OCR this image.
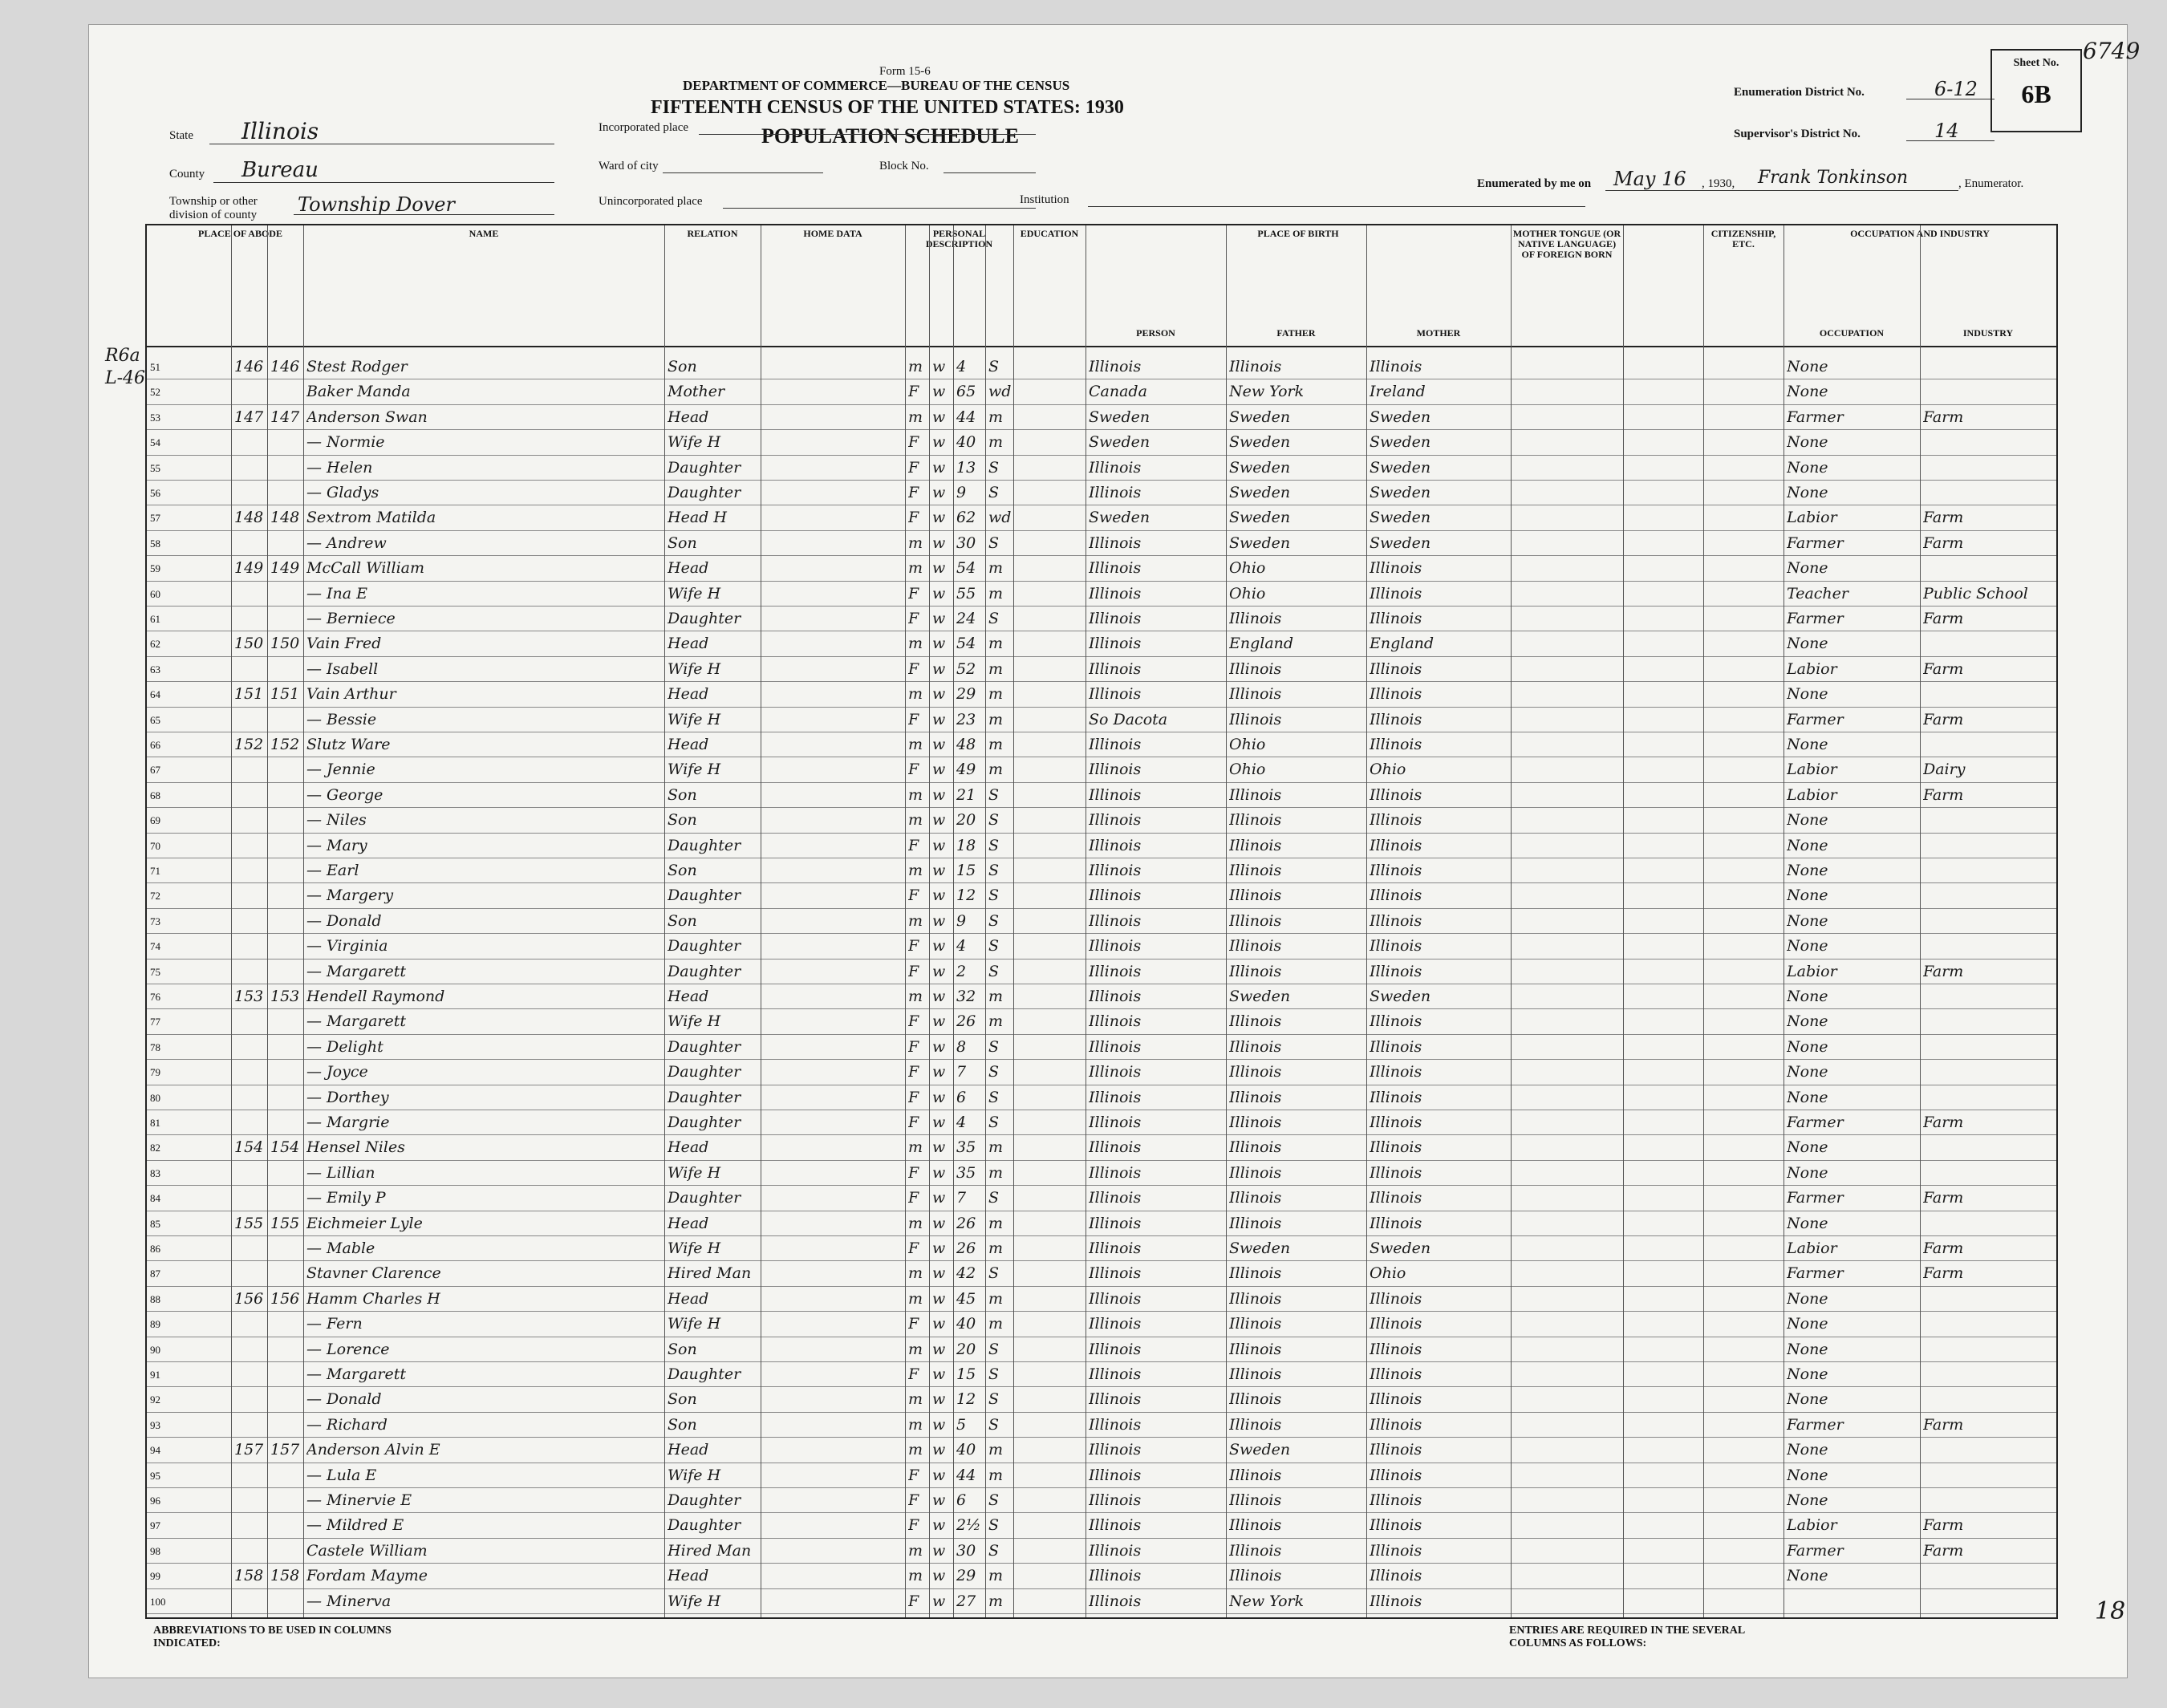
Form 15-6
DEPARTMENT OF COMMERCE—BUREAU OF THE CENSUS
FIFTEENTH CENSUS OF THE UNITED STATES: 1930
POPULATION SCHEDULE
State Illinois
County Bureau
Township or other division of county	Township Dover
Incorporated place
Ward of city	Block No.
Unincorporated place	Institution
Enumeration District No.	6-12
Supervisor's District No.	14
Enumerated by me on May 16 , 1930, Frank Tonkinson	, Enumerator.
Sheet No.
6B
6749
R6a
L-46
18
PLACE OF ABODE	NAME	RELATION	HOME DATA	PERSONAL DESCRIPTION
EDUCATION	PLACE OF BIRTH	MOTHER TONGUE (OR NATIVE LANGUAGE) OF FOREIGN BORN
CITIZENSHIP, ETC.
OCCUPATION AND INDUSTRY
PERSON	FATHER	MOTHER	OCCUPATION	INDUSTRY
51	146 146 Stest Rodger	Son	m w 4	S	Illinois	Illinois	Illinois	None
52	Baker Manda	Mother	F w 65 wd	Canada	New York	Ireland	None
53	147 147 Anderson Swan	Head	m w 44 m	Sweden	Sweden	Sweden	Farmer	Farm
54	— Normie	Wife H	F w 40 m	Sweden	Sweden	Sweden	None
55	— Helen	Daughter	F w 13 S	Illinois	Sweden	Sweden	None
56	— Gladys	Daughter	F w 9	S	Illinois	Sweden	Sweden	None
57	148 148 Sextrom Matilda	Head H	F w 62 wd	Sweden	Sweden	Sweden	Labior	Farm
58	— Andrew	Son	m w 30 S	Illinois	Sweden	Sweden	Farmer	Farm
59	149 149 McCall William	Head	m w 54 m	Illinois	Ohio	Illinois	None
60	— Ina E	Wife H	F w 55 m	Illinois	Ohio	Illinois	Teacher	Public School
61	— Berniece	Daughter	F w 24 S	Illinois	Illinois	Illinois	Farmer	Farm
62	150 150 Vain Fred	Head	m w 54 m	Illinois	England	England	None
63	— Isabell	Wife H	F w 52 m	Illinois	Illinois	Illinois	Labior	Farm
64	151 151 Vain Arthur	Head	m w 29 m	Illinois	Illinois	Illinois	None
65	— Bessie	Wife H	F w 23 m	So Dacota	Illinois	Illinois	Farmer	Farm
66	152 152 Slutz Ware	Head	m w 48 m	Illinois	Ohio	Illinois	None
67	— Jennie	Wife H	F w 49 m	Illinois	Ohio	Ohio	Labior	Dairy
68	— George	Son	m w 21 S	Illinois	Illinois	Illinois	Labior	Farm
69	— Niles	Son	m w 20 S	Illinois	Illinois	Illinois	None
70	— Mary	Daughter	F w 18 S	Illinois	Illinois	Illinois	None
71	— Earl	Son	m w 15 S	Illinois	Illinois	Illinois	None
72	— Margery	Daughter	F w 12 S	Illinois	Illinois	Illinois	None
73	— Donald	Son	m w 9	S	Illinois	Illinois	Illinois	None
74	— Virginia	Daughter	F w 4	S	Illinois	Illinois	Illinois	None
75	— Margarett	Daughter	F w 2	S	Illinois	Illinois	Illinois	Labior	Farm
76	153 153 Hendell Raymond	Head	m w 32 m	Illinois	Sweden	Sweden	None
77	— Margarett	Wife H	F w 26 m	Illinois	Illinois	Illinois	None
78	— Delight	Daughter	F w 8	S	Illinois	Illinois	Illinois	None
79	— Joyce	Daughter	F w 7	S	Illinois	Illinois	Illinois	None
80	— Dorthey	Daughter	F w 6	S	Illinois	Illinois	Illinois	None
81	— Margrie	Daughter	F w 4	S	Illinois	Illinois	Illinois	Farmer	Farm
82	154 154 Hensel Niles	Head	m w 35 m	Illinois	Illinois	Illinois	None
83	— Lillian	Wife H	F w 35 m	Illinois	Illinois	Illinois	None
84	— Emily P	Daughter	F w 7	S	Illinois	Illinois	Illinois	Farmer	Farm
85	155 155 Eichmeier Lyle	Head	m w 26 m	Illinois	Illinois	Illinois	None
86	— Mable	Wife H	F w 26 m	Illinois	Sweden	Sweden	Labior	Farm
87	Stavner Clarence	Hired Man	m w 42 S	Illinois	Illinois	Ohio	Farmer	Farm
88	156 156 Hamm Charles H	Head	m w 45 m	Illinois	Illinois	Illinois	None
89	— Fern	Wife H	F w 40 m	Illinois	Illinois	Illinois	None
90	— Lorence	Son	m w 20 S	Illinois	Illinois	Illinois	None
91	— Margarett	Daughter	F w 15 S	Illinois	Illinois	Illinois	None
92	— Donald	Son	m w 12 S	Illinois	Illinois	Illinois	None
93	— Richard	Son	m w 5	S	Illinois	Illinois	Illinois	Farmer	Farm
94	157 157 Anderson Alvin E	Head	m w 40 m	Illinois	Sweden	Illinois	None
95	— Lula E	Wife H	F w 44 m	Illinois	Illinois	Illinois	None
96	— Minervie E	Daughter	F w 6	S	Illinois	Illinois	Illinois	None
97	— Mildred E	Daughter	F w 2½ S	Illinois	Illinois	Illinois	Labior	Farm
98	Castele William	Hired Man	m w 30 S	Illinois	Illinois	Illinois	Farmer	Farm
99	158 158 Fordam Mayme	Head	m w 29 m	Illinois	Illinois	Illinois	None
100	— Minerva	Wife H	F w 27 m	Illinois	New York	Illinois
ABBREVIATIONS TO BE USED IN COLUMNS INDICATED:
ENTRIES ARE REQUIRED IN THE SEVERAL COLUMNS AS FOLLOWS:
